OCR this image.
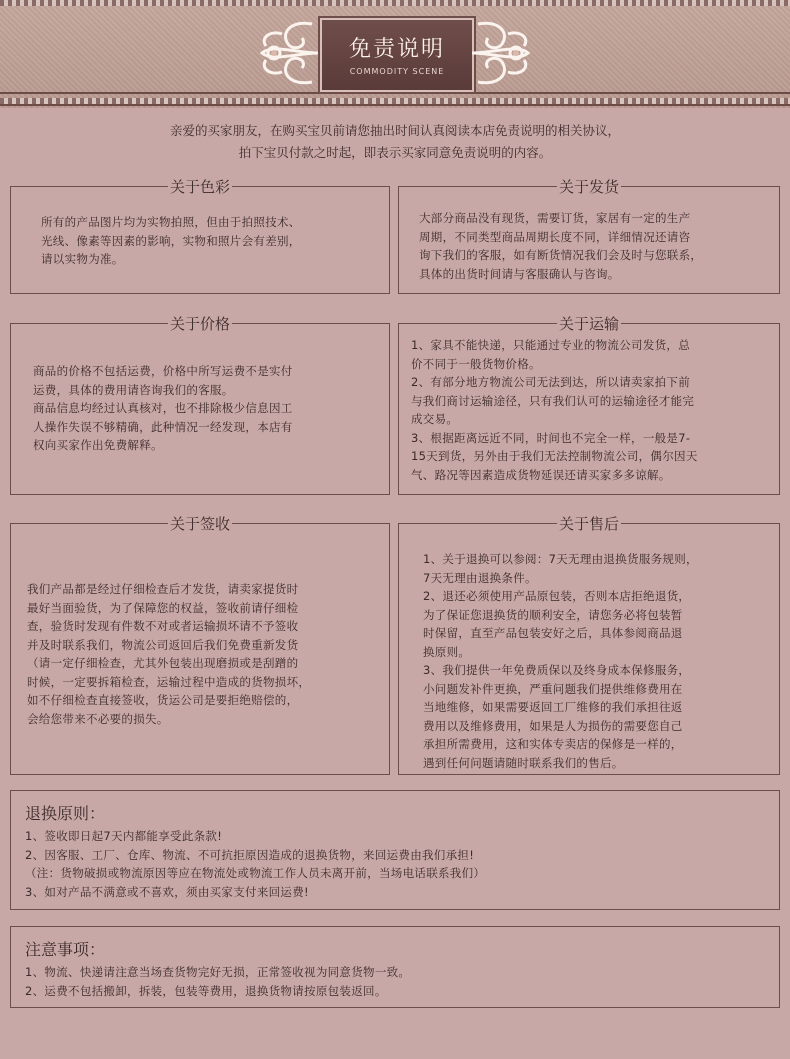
免责说明
COMMODITY SCENE
亲爱的买家朋友，在购买宝贝前请您抽出时间认真阅读本店免责说明的相关协议，
拍下宝贝付款之时起，即表示买家同意免责说明的内容。
关于色彩

所有的产品图片均为实物拍照，但由于拍照技术、

光线、像素等因素的影响，实物和照片会有差别，

请以实物为准。

关于发货

大部分商品没有现货，需要订货，家居有一定的生产

周期，不同类型商品周期长度不同，详细情况还请咨

询下我们的客服，如有断货情况我们会及时与您联系，

具体的出货时间请与客服确认与咨询。

关于价格

商品的价格不包括运费，价格中所写运费不是实付

运费，具体的费用请咨询我们的客服。

商品信息均经过认真核对，也不排除极少信息因工

人操作失误不够精确，此种情况一经发现，本店有

权向买家作出免费解释。

关于运输

1、家具不能快递，只能通过专业的物流公司发货，总

价不同于一般货物价格。

2、有部分地方物流公司无法到达，所以请卖家拍下前

与我们商讨运输途径，只有我们认可的运输途径才能完

成交易。

3、根据距离远近不同，时间也不完全一样，一般是7-

15天到货，另外由于我们无法控制物流公司，偶尔因天

气、路况等因素造成货物延误还请买家多多谅解。

关于签收

我们产品都是经过仔细检查后才发货，请卖家提货时

最好当面验货，为了保障您的权益，签收前请仔细检

查，验货时发现有件数不对或者运输损坏请不予签收

并及时联系我们，物流公司返回后我们免费重新发货

（请一定仔细检查，尤其外包装出现磨损或是刮蹭的

时候，一定要拆箱检查，运输过程中造成的货物损坏，

如不仔细检查直接签收，货运公司是要拒绝赔偿的，

会给您带来不必要的损失。

关于售后

1、关于退换可以参阅：7天无理由退换货服务规则，

7天无理由退换条件。

2、退还必须使用产品原包装，否则本店拒绝退货，

为了保证您退换货的顺利安全，请您务必将包装暂

时保留，直至产品包装安好之后，具体参阅商品退

换原则。

3、我们提供一年免费质保以及终身成本保修服务，

小问题发补件更换，严重问题我们提供维修费用在

当地维修，如果需要返回工厂维修的我们承担往返

费用以及维修费用，如果是人为损伤的需要您自己

承担所需费用，这和实体专卖店的保修是一样的，

遇到任何问题请随时联系我们的售后。

退换原则：

1、签收即日起7天内都能享受此条款!

2、因客服、工厂、仓库、物流、不可抗拒原因造成的退换货物，来回运费由我们承担!

（注：货物破损或物流原因等应在物流处或物流工作人员未离开前，当场电话联系我们）

3、如对产品不满意或不喜欢，须由买家支付来回运费!

注意事项：

1、物流、快递请注意当场查货物完好无损，正常签收视为同意货物一致。

2、运费不包括搬卸，拆装，包装等费用，退换货物请按原包装返回。
